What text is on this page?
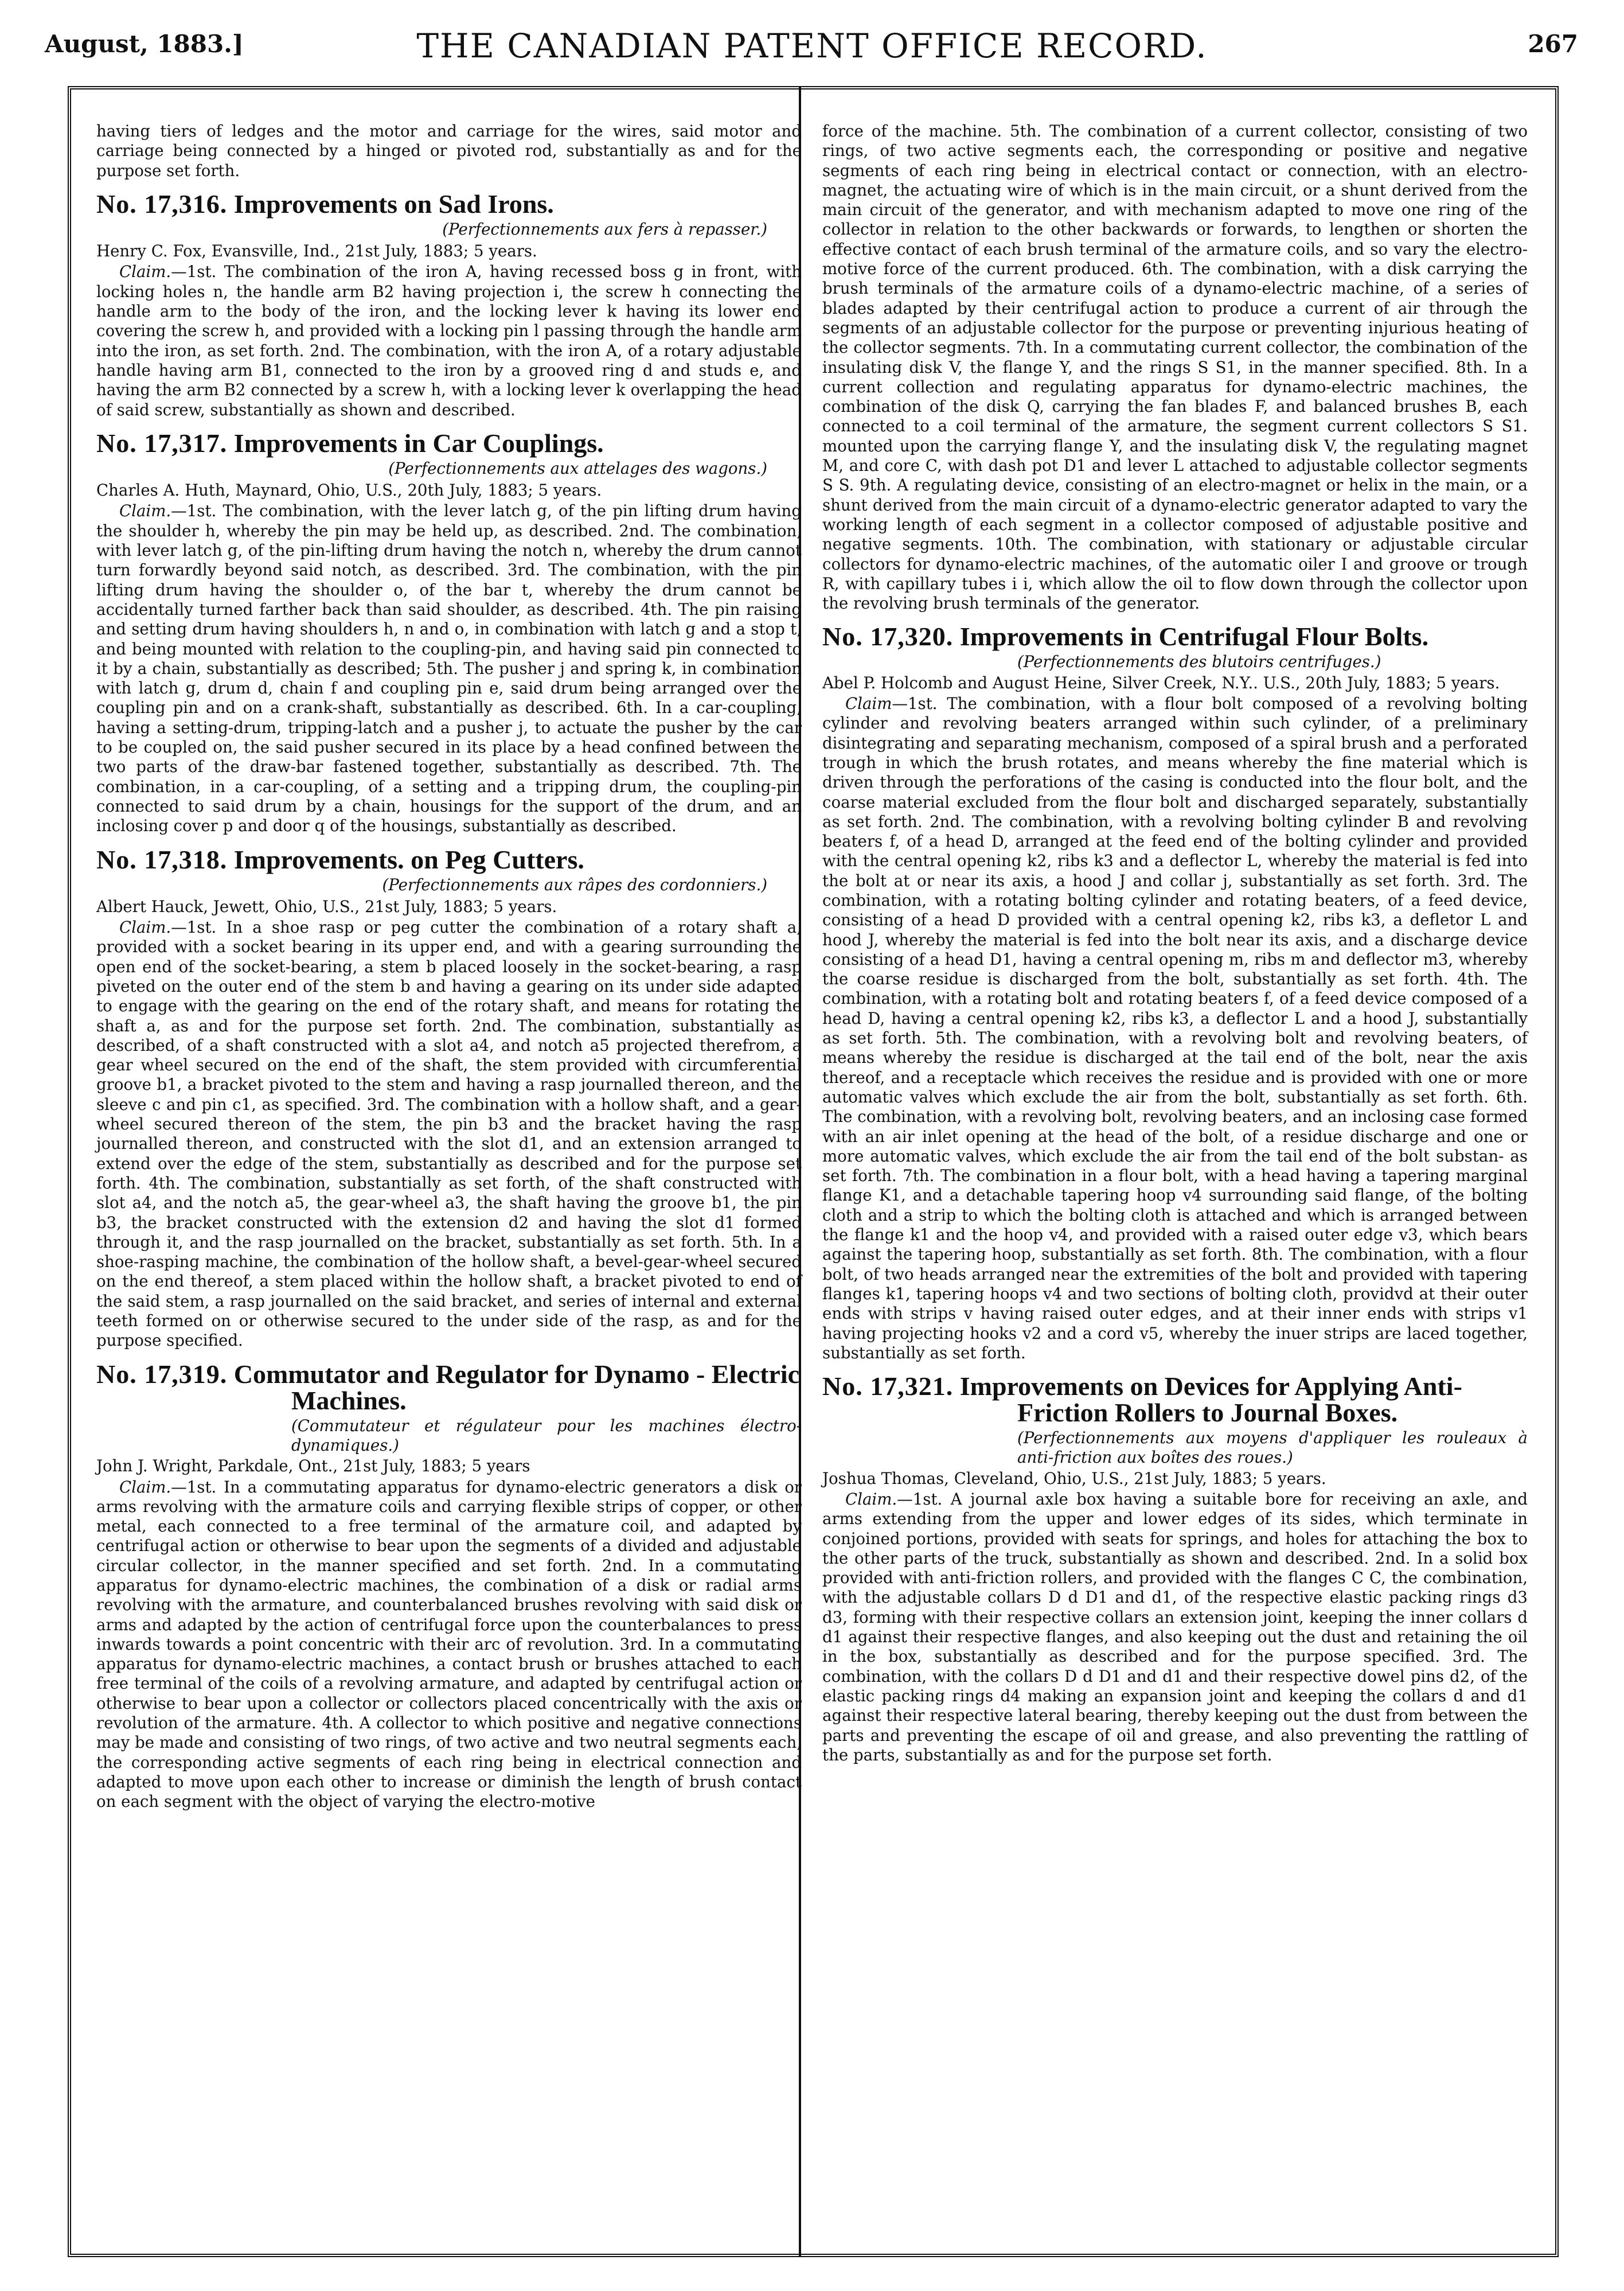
August, 1883.]	THE CANADIAN PATENT OFFICE RECORD.	267

having tiers of ledges and the motor and carriage for the wires, said motor and carriage being connected by a hinged or pivoted rod, substantially as and for the purpose set forth.

No. 17,316. Improvements on Sad Irons.

(Perfectionnements aux fers à repasser.)

Henry C. Fox, Evansville, Ind., 21st July, 1883; 5 years.

Claim.—1st. The combination of the iron A, having recessed boss g in front, with locking holes n, the handle arm B2 having projection i, the screw h connecting the handle arm to the body of the iron, and the locking lever k having its lower end covering the screw h, and provided with a locking pin l passing through the handle arm into the iron, as set forth. 2nd. The combination, with the iron A, of a rotary adjustable handle having arm B1, connected to the iron by a grooved ring d and studs e, and having the arm B2 connected by a screw h, with a locking lever k overlapping the head of said screw, substantially as shown and described.

No. 17,317. Improvements in Car Couplings.

(Perfectionnements aux attelages des wagons.)

Charles A. Huth, Maynard, Ohio, U.S., 20th July, 1883; 5 years.

Claim.—1st. The combination, with the lever latch g, of the pin lifting drum having the shoulder h, whereby the pin may be held up, as described. 2nd. The combination, with lever latch g, of the pin-lifting drum having the notch n, whereby the drum cannot turn forwardly beyond said notch, as described. 3rd. The combination, with the pin lifting drum having the shoulder o, of the bar t, whereby the drum cannot be accidentally turned farther back than said shoulder, as described. 4th. The pin raising and setting drum having shoulders h, n and o, in combination with latch g and a stop t, and being mounted with relation to the coupling-pin, and having said pin connected to it by a chain, substantially as described; 5th. The pusher j and spring k, in combination with latch g, drum d, chain f and coupling pin e, said drum being arranged over the coupling pin and on a crank-shaft, substantially as described. 6th. In a car-coupling, having a setting-drum, tripping-latch and a pusher j, to actuate the pusher by the car to be coupled on, the said pusher secured in its place by a head confined between the two parts of the draw-bar fastened together, substantially as described. 7th. The combination, in a car-coupling, of a setting and a tripping drum, the coupling-pin connected to said drum by a chain, housings for the support of the drum, and an inclosing cover p and door q of the housings, substantially as described.

No. 17,318. Improvements. on Peg Cutters.

(Perfectionnements aux râpes des cordonniers.)

Albert Hauck, Jewett, Ohio, U.S., 21st July, 1883; 5 years.

Claim.—1st. In a shoe rasp or peg cutter the combination of a rotary shaft a, provided with a socket bearing in its upper end, and with a gearing surrounding the open end of the socket-bearing, a stem b placed loosely in the socket-bearing, a rasp piveted on the outer end of the stem b and having a gearing on its under side adapted to engage with the gearing on the end of the rotary shaft, and means for rotating the shaft a, as and for the purpose set forth. 2nd. The combination, substantially as described, of a shaft constructed with a slot a4, and notch a5 projected therefrom, a gear wheel secured on the end of the shaft, the stem provided with circumferential groove b1, a bracket pivoted to the stem and having a rasp journalled thereon, and the sleeve c and pin c1, as specified. 3rd. The combination with a hollow shaft, and a gear-wheel secured thereon of the stem, the pin b3 and the bracket having the rasp journalled thereon, and constructed with the slot d1, and an extension arranged to extend over the edge of the stem, substantially as described and for the purpose set forth. 4th. The combination, substantially as set forth, of the shaft constructed with slot a4, and the notch a5, the gear-wheel a3, the shaft having the groove b1, the pin b3, the bracket constructed with the extension d2 and having the slot d1 formed through it, and the rasp journalled on the bracket, substantially as set forth. 5th. In a shoe-rasping machine, the combination of the hollow shaft, a bevel-gear-wheel secured on the end thereof, a stem placed within the hollow shaft, a bracket pivoted to end of the said stem, a rasp journalled on the said bracket, and series of internal and external teeth formed on or otherwise secured to the under side of the rasp, as and for the purpose specified.

No. 17,319. Commutator and Regulator for Dynamo - Electric Machines.

(Commutateur et régulateur pour les machines électro-dynamiques.)

John J. Wright, Parkdale, Ont., 21st July, 1883; 5 years

Claim.—1st. In a commutating apparatus for dynamo-electric generators a disk or arms revolving with the armature coils and carrying flexible strips of copper, or other metal, each connected to a free terminal of the armature coil, and adapted by centrifugal action or otherwise to bear upon the segments of a divided and adjustable circular collector, in the manner specified and set forth. 2nd. In a commutating apparatus for dynamo-electric machines, the combination of a disk or radial arms revolving with the armature, and counterbalanced brushes revolving with said disk or arms and adapted by the action of centrifugal force upon the counterbalances to press inwards towards a point concentric with their arc of revolution. 3rd. In a commutating apparatus for dynamo-electric machines, a contact brush or brushes attached to each free terminal of the coils of a revolving armature, and adapted by centrifugal action or otherwise to bear upon a collector or collectors placed concentrically with the axis or revolution of the armature. 4th. A collector to which positive and negative connections may be made and consisting of two rings, of two active and two neutral segments each, the corresponding active segments of each ring being in electrical connection and adapted to move upon each other to increase or diminish the length of brush contact on each segment with the object of varying the electro-motive

force of the machine. 5th. The combination of a current collector, consisting of two rings, of two active segments each, the corresponding or positive and negative segments of each ring being in electrical contact or connection, with an electro-magnet, the actuating wire of which is in the main circuit, or a shunt derived from the main circuit of the generator, and with mechanism adapted to move one ring of the collector in relation to the other backwards or forwards, to lengthen or shorten the effective contact of each brush terminal of the armature coils, and so vary the electro-motive force of the current produced. 6th. The combination, with a disk carrying the brush terminals of the armature coils of a dynamo-electric machine, of a series of blades adapted by their centrifugal action to produce a current of air through the segments of an adjustable collector for the purpose or preventing injurious heating of the collector segments. 7th. In a commutating current collector, the combination of the insulating disk V, the flange Y, and the rings S S1, in the manner specified. 8th. In a current collection and regulating apparatus for dynamo-electric machines, the combination of the disk Q, carrying the fan blades F, and balanced brushes B, each connected to a coil terminal of the armature, the segment current collectors S S1. mounted upon the carrying flange Y, and the insulating disk V, the regulating magnet M, and core C, with dash pot D1 and lever L attached to adjustable collector segments S S. 9th. A regulating device, consisting of an electro-magnet or helix in the main, or a shunt derived from the main circuit of a dynamo-electric generator adapted to vary the working length of each segment in a collector composed of adjustable positive and negative segments. 10th. The combination, with stationary or adjustable circular collectors for dynamo-electric machines, of the automatic oiler I and groove or trough R, with capillary tubes i i, which allow the oil to flow down through the collector upon the revolving brush terminals of the generator.

No. 17,320. Improvements in Centrifugal Flour Bolts.

(Perfectionnements des blutoirs centrifuges.)

Abel P. Holcomb and August Heine, Silver Creek, N.Y.. U.S., 20th July, 1883; 5 years.

Claim—1st. The combination, with a flour bolt composed of a revolving bolting cylinder and revolving beaters arranged within such cylinder, of a preliminary disintegrating and separating mechanism, composed of a spiral brush and a perforated trough in which the brush rotates, and means whereby the fine material which is driven through the perforations of the casing is conducted into the flour bolt, and the coarse material excluded from the flour bolt and discharged separately, substantially as set forth. 2nd. The combination, with a revolving bolting cylinder B and revolving beaters f, of a head D, arranged at the feed end of the bolting cylinder and provided with the central opening k2, ribs k3 and a deflector L, whereby the material is fed into the bolt at or near its axis, a hood J and collar j, substantially as set forth. 3rd. The combination, with a rotating bolting cylinder and rotating beaters, of a feed device, consisting of a head D provided with a central opening k2, ribs k3, a defletor L and hood J, whereby the material is fed into the bolt near its axis, and a discharge device consisting of a head D1, having a central opening m, ribs m and deflector m3, whereby the coarse residue is discharged from the bolt, substantially as set forth. 4th. The combination, with a rotating bolt and rotating beaters f, of a feed device composed of a head D, having a central opening k2, ribs k3, a deflector L and a hood J, substantially as set forth. 5th. The combination, with a revolving bolt and revolving beaters, of means whereby the residue is discharged at the tail end of the bolt, near the axis thereof, and a receptacle which receives the residue and is provided with one or more automatic valves which exclude the air from the bolt, substantially as set forth. 6th. The combination, with a revolving bolt, revolving beaters, and an inclosing case formed with an air inlet opening at the head of the bolt, of a residue discharge and one or more automatic valves, which exclude the air from the tail end of the bolt substan- as set forth. 7th. The combination in a flour bolt, with a head having a tapering marginal flange K1, and a detachable tapering hoop v4 surrounding said flange, of the bolting cloth and a strip to which the bolting cloth is attached and which is arranged between the flange k1 and the hoop v4, and provided with a raised outer edge v3, which bears against the tapering hoop, substantially as set forth. 8th. The combination, with a flour bolt, of two heads arranged near the extremities of the bolt and provided with tapering flanges k1, tapering hoops v4 and two sections of bolting cloth, providvd at their outer ends with strips v having raised outer edges, and at their inner ends with strips v1 having projecting hooks v2 and a cord v5, whereby the inuer strips are laced together, substantially as set forth.

No. 17,321. Improvements on Devices for Applying Anti-Friction Rollers to Journal Boxes.

(Perfectionnements aux moyens d'appliquer les rouleaux à anti-friction aux boîtes des roues.)

Joshua Thomas, Cleveland, Ohio, U.S., 21st July, 1883; 5 years.

Claim.—1st. A journal axle box having a suitable bore for receiving an axle, and arms extending from the upper and lower edges of its sides, which terminate in conjoined portions, provided with seats for springs, and holes for attaching the box to the other parts of the truck, substantially as shown and described. 2nd. In a solid box provided with anti-friction rollers, and provided with the flanges C C, the combination, with the adjustable collars D d D1 and d1, of the respective elastic packing rings d3 d3, forming with their respective collars an extension joint, keeping the inner collars d d1 against their respective flanges, and also keeping out the dust and retaining the oil in the box, substantially as described and for the purpose specified. 3rd. The combination, with the collars D d D1 and d1 and their respective dowel pins d2, of the elastic packing rings d4 making an expansion joint and keeping the collars d and d1 against their respective lateral bearing, thereby keeping out the dust from between the parts and preventing the escape of oil and grease, and also preventing the rattling of the parts, substantially as and for the purpose set forth.
